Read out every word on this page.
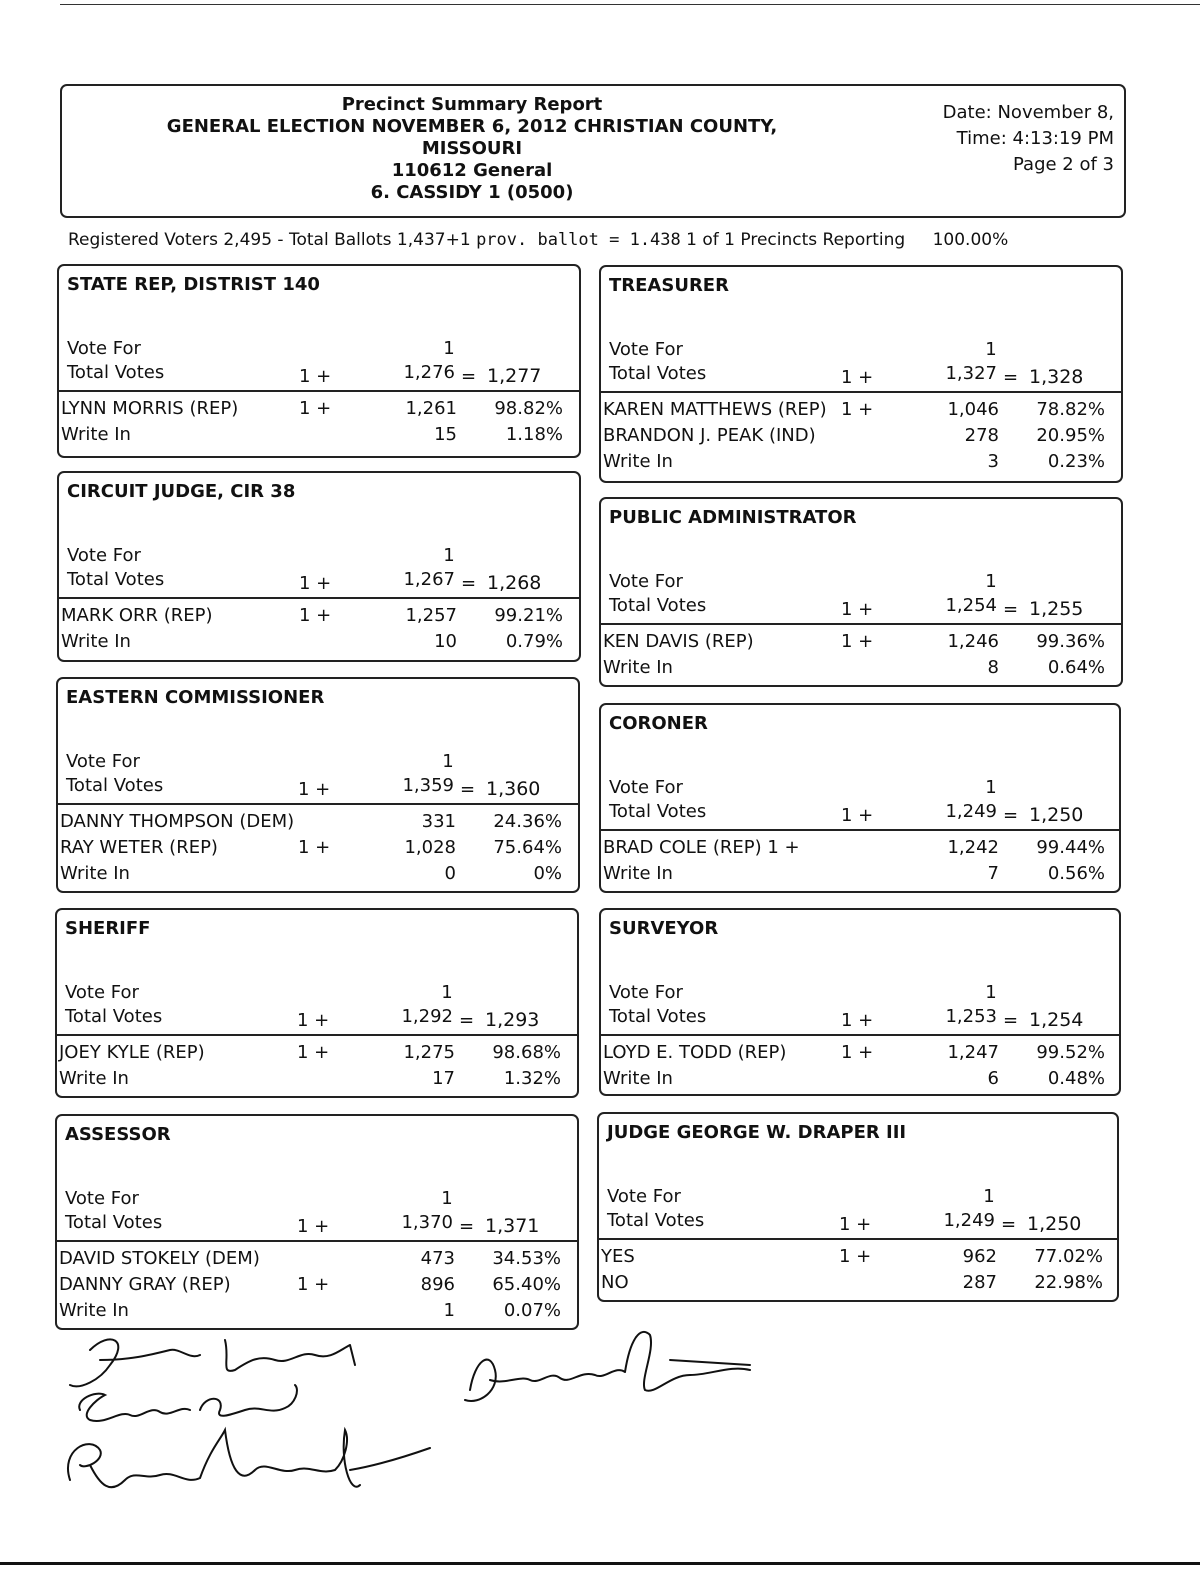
Precinct Summary Report
GENERAL ELECTION NOVEMBER 6, 2012 CHRISTIAN COUNTY,
MISSOURI
110612 General
6. CASSIDY 1 (0500)
Date: November 8,
Time: 4:13:19 PM
Page 2 of 3
Registered Voters 2,495 - Total Ballots 1,437+1 prov. ballot = 1.438 1 of 1 Precincts Reporting 100.00%
STATE REP, DISTRIST 140
Vote For	1
Total Votes	1 +	1,276 = 1,277
LYNN MORRIS (REP)	1 +	1,261	98.82%
Write In	15	1.18%
CIRCUIT JUDGE, CIR 38
Vote For	1
Total Votes	1 +	1,267 = 1,268
MARK ORR (REP)	1 +	1,257	99.21%
Write In	10	0.79%
EASTERN COMMISSIONER
Vote For	1
Total Votes	1 +	1,359 = 1,360
DANNY THOMPSON (DEM)	331	24.36%
RAY WETER (REP)	1 +	1,028	75.64%
Write In	0	0%
SHERIFF
Vote For	1
Total Votes	1 +	1,292 = 1,293
JOEY KYLE (REP)	1 +	1,275	98.68%
Write In	17	1.32%
ASSESSOR
Vote For	1
Total Votes	1 +	1,370 = 1,371
DAVID STOKELY (DEM)	473	34.53%
DANNY GRAY (REP)	1 +	896	65.40%
Write In	1	0.07%
TREASURER
Vote For	1
Total Votes	1 +	1,327 = 1,328
KAREN MATTHEWS (REP) 1 +	1,046	78.82%
BRANDON J. PEAK (IND)	278	20.95%
Write In	3	0.23%
PUBLIC ADMINISTRATOR
Vote For	1
Total Votes	1 +	1,254 = 1,255
KEN DAVIS (REP)	1 +	1,246	99.36%
Write In	8	0.64%
CORONER
Vote For	1
Total Votes	1 +	1,249 = 1,250
BRAD COLE (REP) 1 +	1,242	99.44%
Write In	7	0.56%
SURVEYOR
Vote For	1
Total Votes	1 +	1,253 = 1,254
LOYD E. TODD (REP)	1 +	1,247	99.52%
Write In	6	0.48%
JUDGE GEORGE W. DRAPER III
Vote For	1
Total Votes	1 +	1,249 = 1,250
YES	1 +	962	77.02%
NO	287	22.98%
